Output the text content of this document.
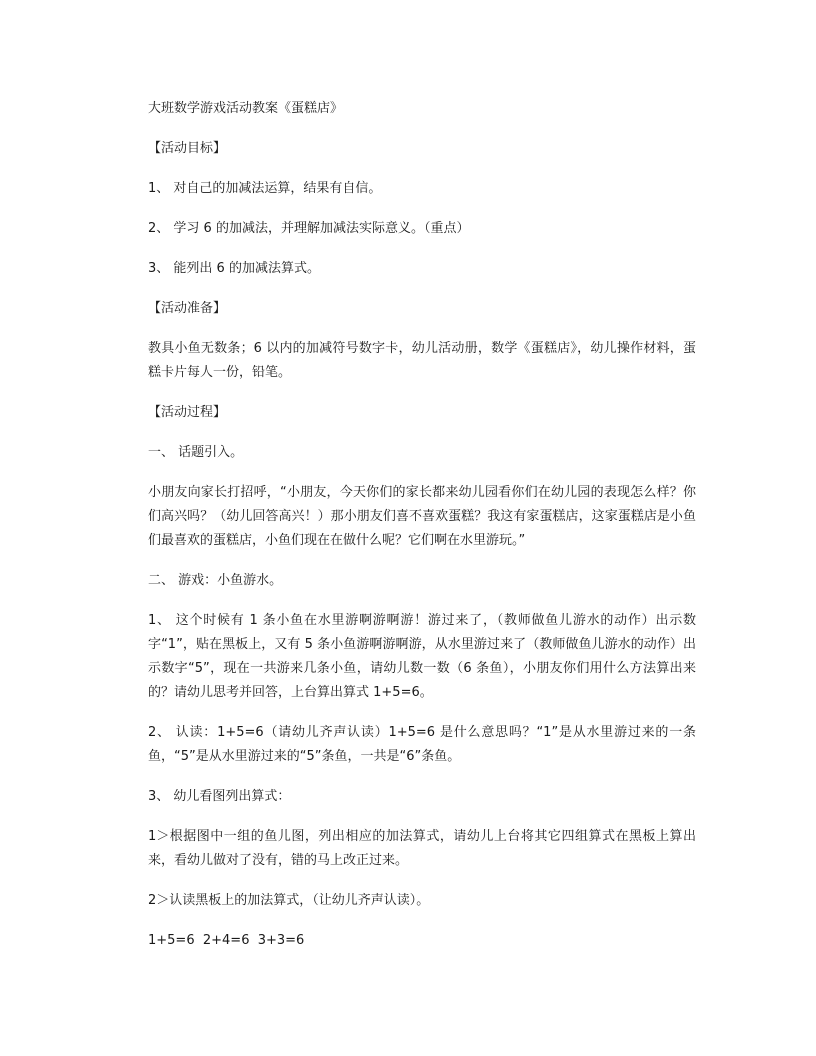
大班数学游戏活动教案《蛋糕店》

【活动目标】

1、 对自己的加减法运算，结果有自信。

2、 学习 6 的加减法，并理解加减法实际意义。（重点）

3、 能列出 6 的加减法算式。

【活动准备】

教具小鱼无数条；6 以内的加减符号数字卡，幼儿活动册，数学《蛋糕店》，幼儿操作材料，蛋糕卡片每人一份，铅笔。

【活动过程】

一、 话题引入。

小朋友向家长打招呼，“小朋友，今天你们的家长都来幼儿园看你们在幼儿园的表现怎么样？你们高兴吗？（幼儿回答高兴！）那小朋友们喜不喜欢蛋糕？我这有家蛋糕店，这家蛋糕店是小鱼们最喜欢的蛋糕店，小鱼们现在在做什么呢？它们啊在水里游玩。”

二、 游戏：小鱼游水。

1、 这个时候有 1 条小鱼在水里游啊游啊游！游过来了，（教师做鱼儿游水的动作）出示数字“1”，贴在黑板上，又有 5 条小鱼游啊游啊游，从水里游过来了（教师做鱼儿游水的动作）出示数字“5”，现在一共游来几条小鱼，请幼儿数一数（6 条鱼），小朋友你们用什么方法算出来的？请幼儿思考并回答，上台算出算式 1+5=6。

2、 认读：1+5=6（请幼儿齐声认读）1+5=6 是什么意思吗？“1”是从水里游过来的一条鱼，“5”是从水里游过来的“5”条鱼，一共是“6”条鱼。

3、 幼儿看图列出算式：

1＞根据图中一组的鱼儿图，列出相应的加法算式，请幼儿上台将其它四组算式在黑板上算出来，看幼儿做对了没有，错的马上改正过来。

2＞认读黑板上的加法算式，（让幼儿齐声认读）。

1+5=6  2+4=6  3+3=6
